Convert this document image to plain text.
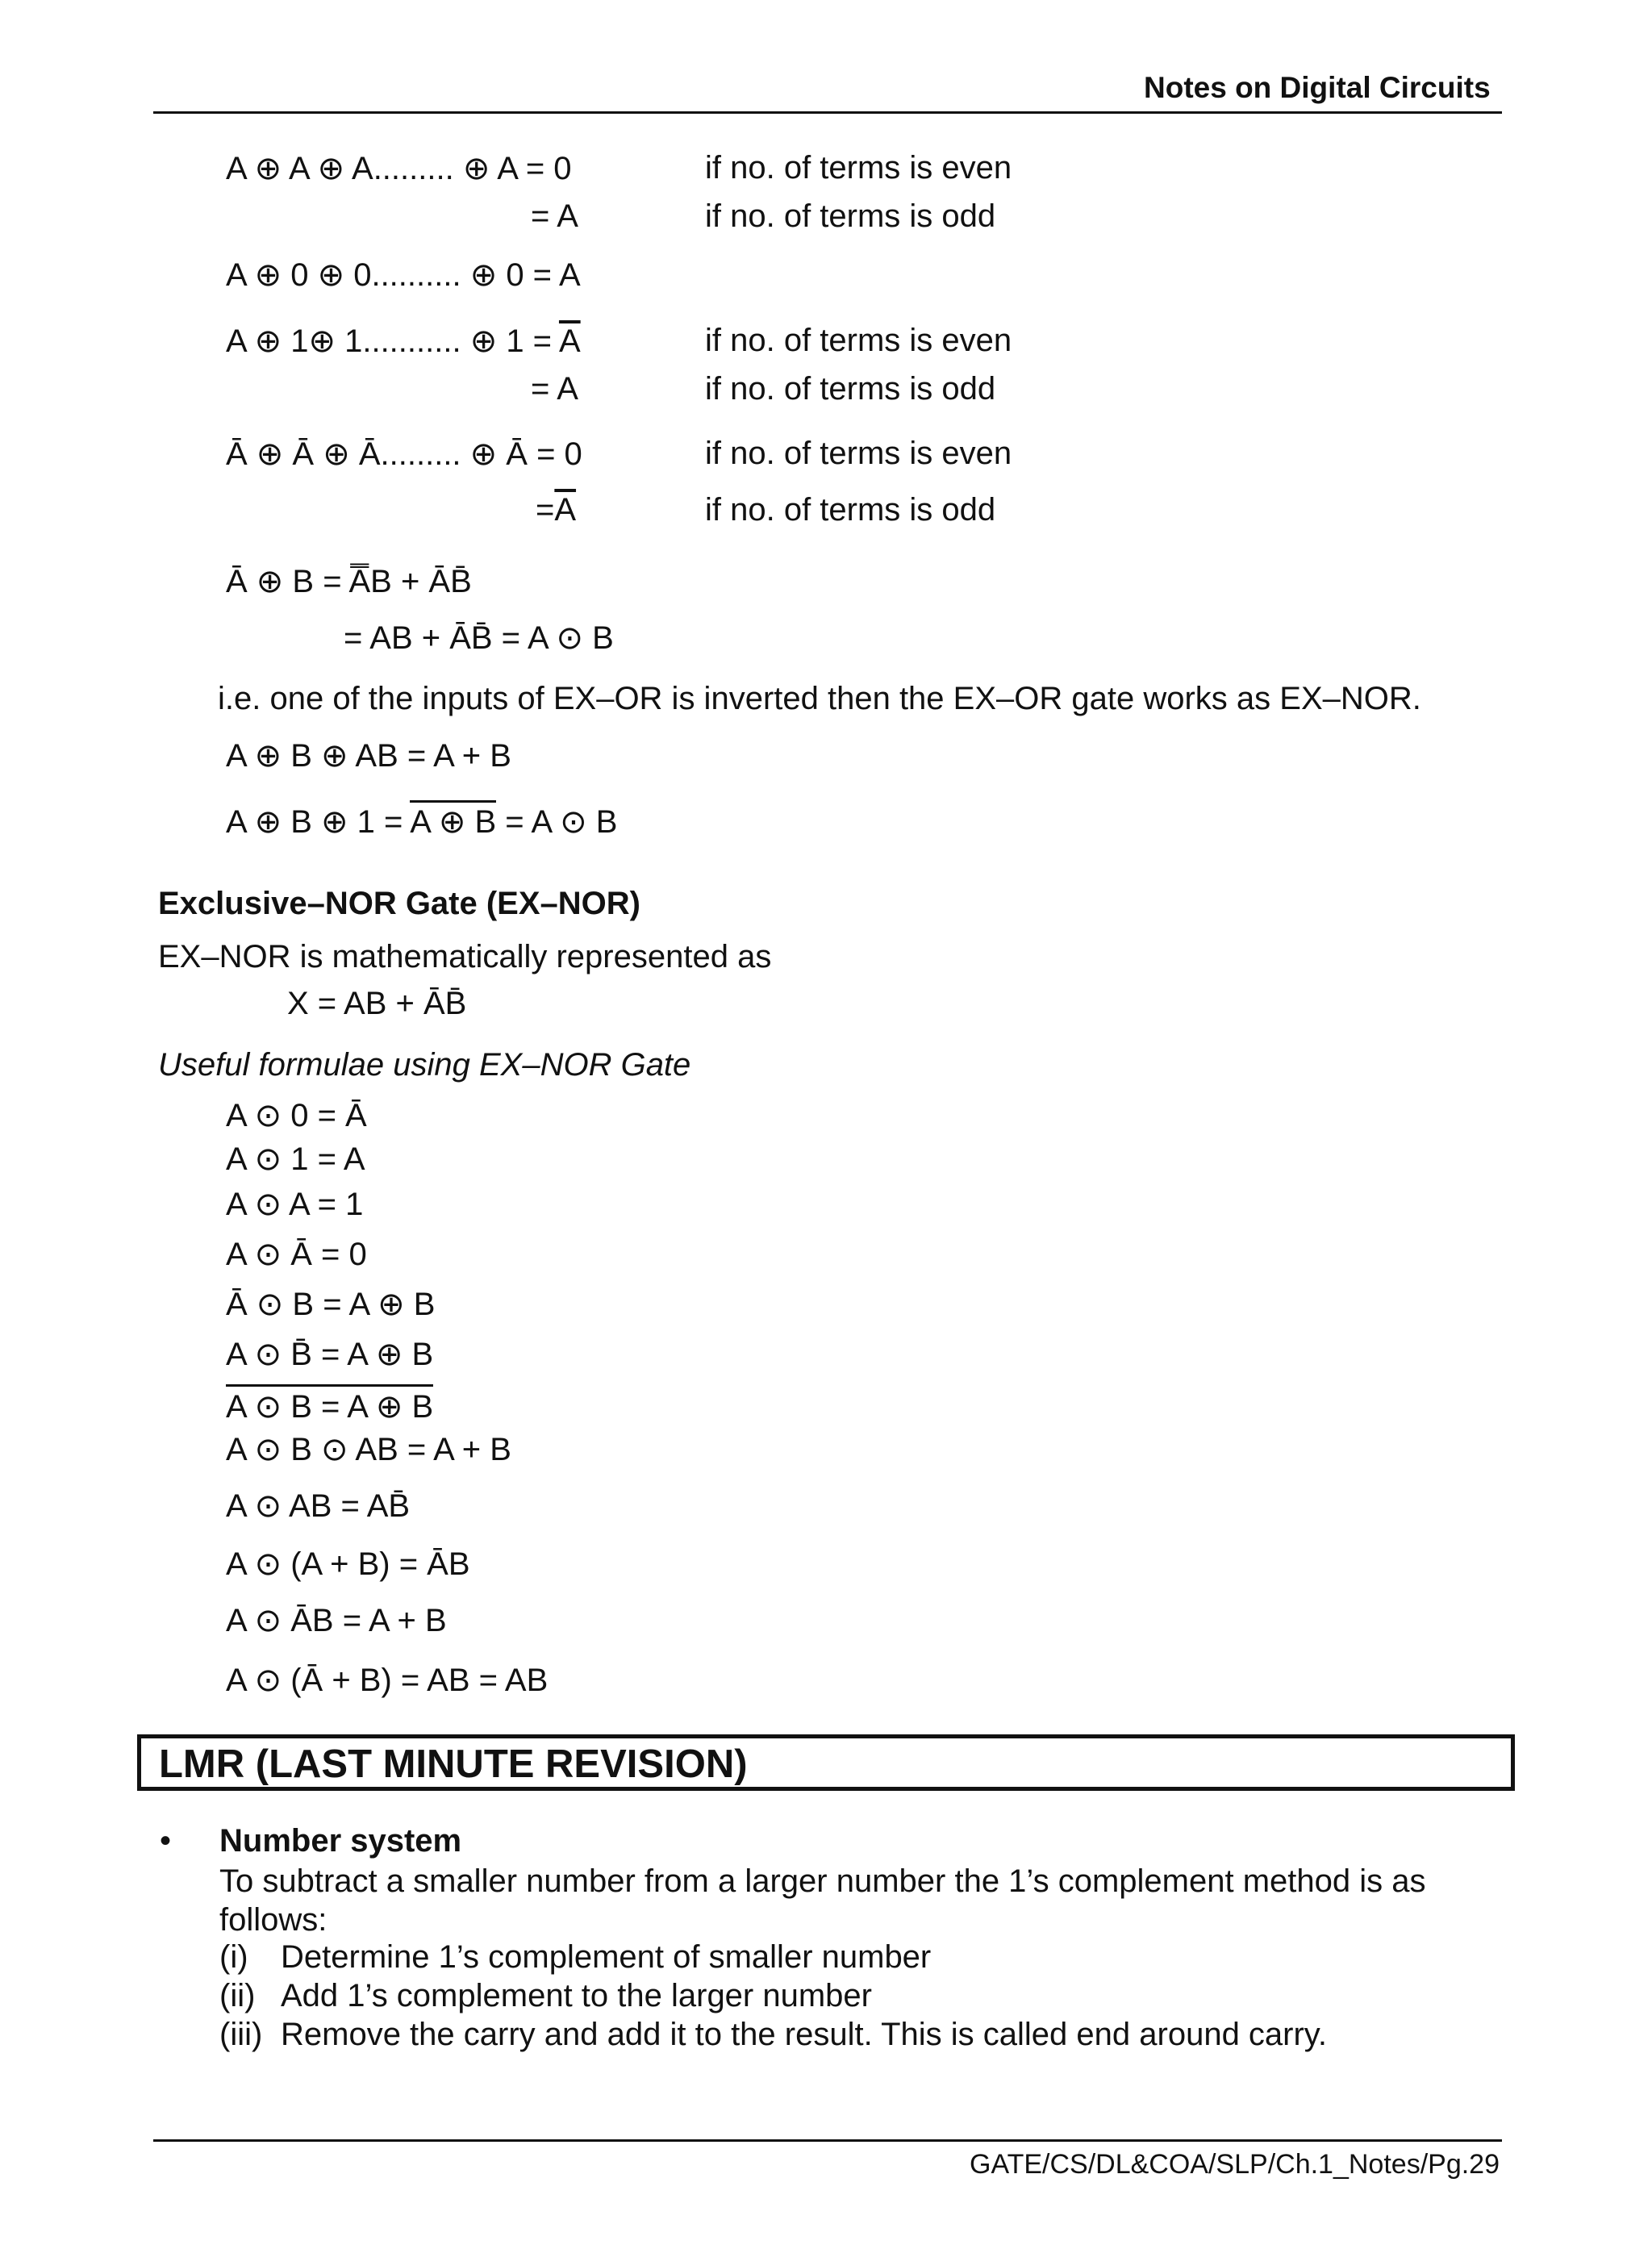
Notes on Digital Circuits
A ⊕ A ⊕ A......... ⊕ A = 0	if no. of terms is even
= A	if no. of terms is odd
A ⊕ 0 ⊕ 0.......... ⊕ 0 = A
A ⊕ 1⊕ 1........... ⊕ $1 = \overline{A}$	if no. of terms is even
= A	if no. of terms is odd
Ā ⊕ Ā ⊕ Ā......... ⊕ Ā = 0	if no. of terms is even
$=\overline{A}$	if no. of terms is odd
Ā ⊕ B = A̿B + ĀB̄
= AB + ĀB̄ = A ⊙ B
i.e. one of the inputs of EX–OR is inverted then the EX–OR gate works as EX–NOR.
A ⊕ B ⊕ AB = A + B
A ⊕ B ⊕ 1 = A ⊕ B = A ⊙ B
Exclusive–NOR Gate (EX–NOR)
EX–NOR is mathematically represented as
X = AB + ĀB̄
Useful formulae using EX–NOR Gate
A ⊙ 0 = Ā
A ⊙ 1 = A
A ⊙ A = 1
A ⊙ Ā = 0
Ā ⊙ B = A ⊕ B
A ⊙ B̄ = A ⊕ B
A ⊙ B = A ⊕ B
A ⊙ B ⊙ AB = A + B
A ⊙ AB = AB̄
A ⊙ (A + B) = ĀB
A ⊙ ĀB = A + B
A ⊙ (Ā + B) = AB = AB
LMR (LAST MINUTE REVISION)
• Number system
To subtract a smaller number from a larger number the 1’s complement method is as follows:
(i) Determine 1’s complement of smaller number
(ii) Add 1’s complement to the larger number
(iii) Remove the carry and add it to the result. This is called end around carry.
GATE/CS/DL&COA/SLP/Ch.1_Notes/Pg.29
